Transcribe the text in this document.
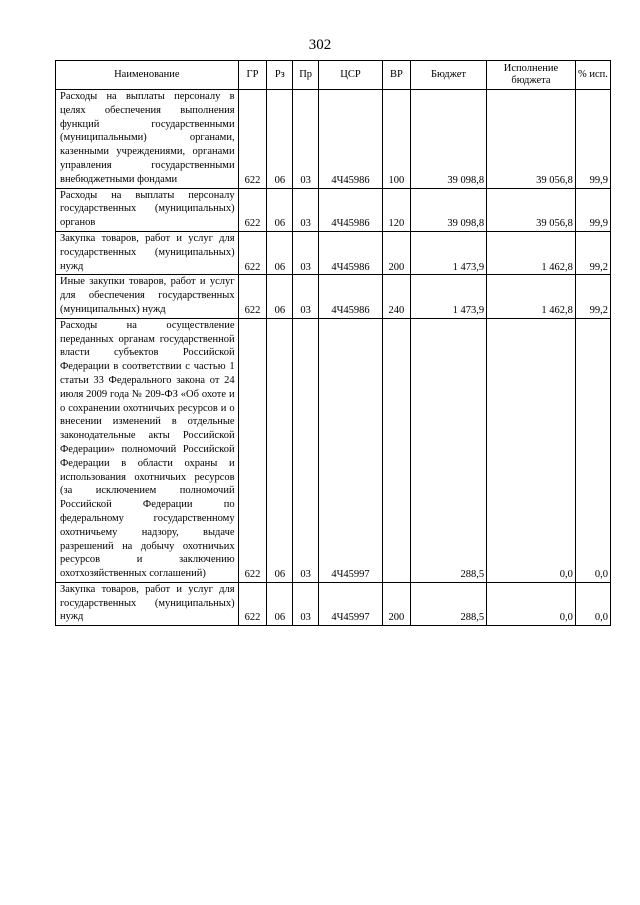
302
Наименование	ГР	Рз	Пр	ЦСР	ВР	Бюджет	Исполнение бюджета	% исп.
Расходы на выплаты персоналу в целях обеспечения выполнения функций государственными (муниципальными) органами, казенными учреждениями, органами управления государственными внебюджетными фондами	622	06	03	4Ч45986	100	39 098,8	39 056,8	99,9
Расходы на выплаты персоналу государственных (муниципальных) органов	622	06	03	4Ч45986	120	39 098,8	39 056,8	99,9
Закупка товаров, работ и услуг для государственных (муниципальных) нужд	622	06	03	4Ч45986	200	1 473,9	1 462,8	99,2
Иные закупки товаров, работ и услуг для обеспечения государственных (муниципальных) нужд	622	06	03	4Ч45986	240	1 473,9	1 462,8	99,2
Расходы на осуществление переданных органам государственной власти субъектов Российской Федерации в соответствии с частью 1 статьи 33 Федерального закона от 24 июля 2009 года № 209-ФЗ «Об охоте и о сохранении охотничьих ресурсов и о внесении изменений в отдельные законодательные акты Российской Федерации» полномочий Российской Федерации в области охраны и использования охотничьих ресурсов (за исключением полномочий Российской Федерации по федеральному государственному охотничьему надзору, выдаче разрешений на добычу охотничьих ресурсов и заключению охотхозяйственных соглашений)	622	06	03	4Ч45997		288,5	0,0	0,0
Закупка товаров, работ и услуг для государственных (муниципальных) нужд	622	06	03	4Ч45997	200	288,5	0,0	0,0
